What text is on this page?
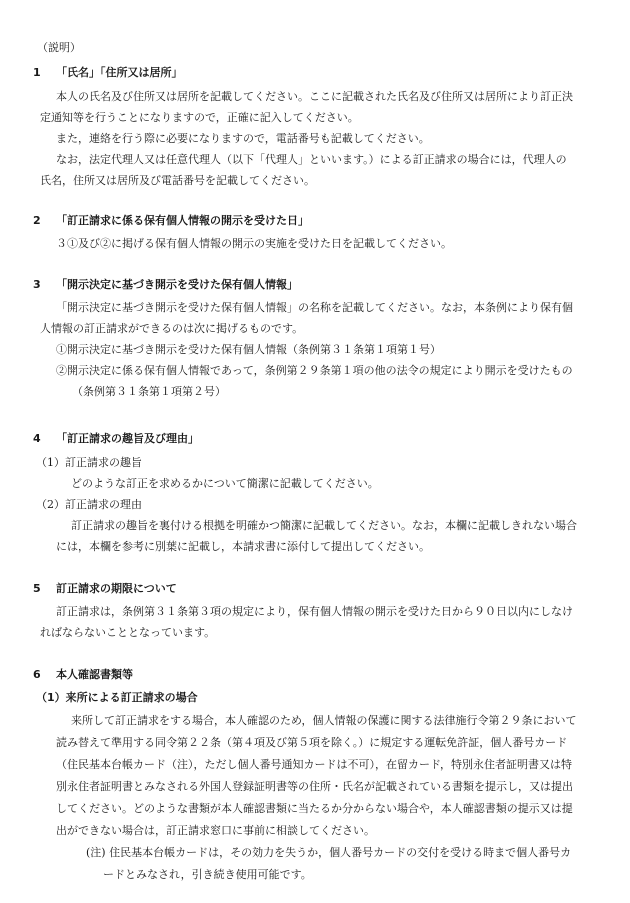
（説明）
1 「氏名」「住所又は居所」
本人の氏名及び住所又は居所を記載してください。ここに記載された氏名及び住所又は居所により訂正決
定通知等を行うことになりますので，正確に記入してください。
また，連絡を行う際に必要になりますので，電話番号も記載してください。
なお，法定代理人又は任意代理人（以下「代理人」といいます。）による訂正請求の場合には，代理人の
氏名，住所又は居所及び電話番号を記載してください。
2 「訂正請求に係る保有個人情報の開示を受けた日」
３①及び②に掲げる保有個人情報の開示の実施を受けた日を記載してください。
3 「開示決定に基づき開示を受けた保有個人情報」
「開示決定に基づき開示を受けた保有個人情報」の名称を記載してください。なお，本条例により保有個
人情報の訂正請求ができるのは次に掲げるものです。
①開示決定に基づき開示を受けた保有個人情報（条例第３１条第１項第１号）
②開示決定に係る保有個人情報であって，条例第２９条第１項の他の法令の規定により開示を受けたもの
（条例第３１条第１項第２号）
4 「訂正請求の趣旨及び理由」
（1）訂正請求の趣旨
どのような訂正を求めるかについて簡潔に記載してください。
（2）訂正請求の理由
訂正請求の趣旨を裏付ける根拠を明確かつ簡潔に記載してください。なお，本欄に記載しきれない場合
には，本欄を参考に別葉に記載し，本請求書に添付して提出してください。
5 訂正請求の期限について
訂正請求は，条例第３１条第３項の規定により，保有個人情報の開示を受けた日から９０日以内にしなけ
ればならないこととなっています。
6 本人確認書類等
（1）来所による訂正請求の場合
来所して訂正請求をする場合，本人確認のため，個人情報の保護に関する法律施行令第２９条において
読み替えて準用する同令第２２条（第４項及び第５項を除く。）に規定する運転免許証，個人番号カード
（住民基本台帳カード（注），ただし個人番号通知カードは不可），在留カード，特別永住者証明書又は特
別永住者証明書とみなされる外国人登録証明書等の住所・氏名が記載されている書類を提示し，又は提出
してください。どのような書類が本人確認書類に当たるか分からない場合や，本人確認書類の提示又は提
出ができない場合は，訂正請求窓口に事前に相談してください。
(注) 住民基本台帳カードは，その効力を失うか，個人番号カードの交付を受ける時まで個人番号カ
ードとみなされ，引き続き使用可能です。
